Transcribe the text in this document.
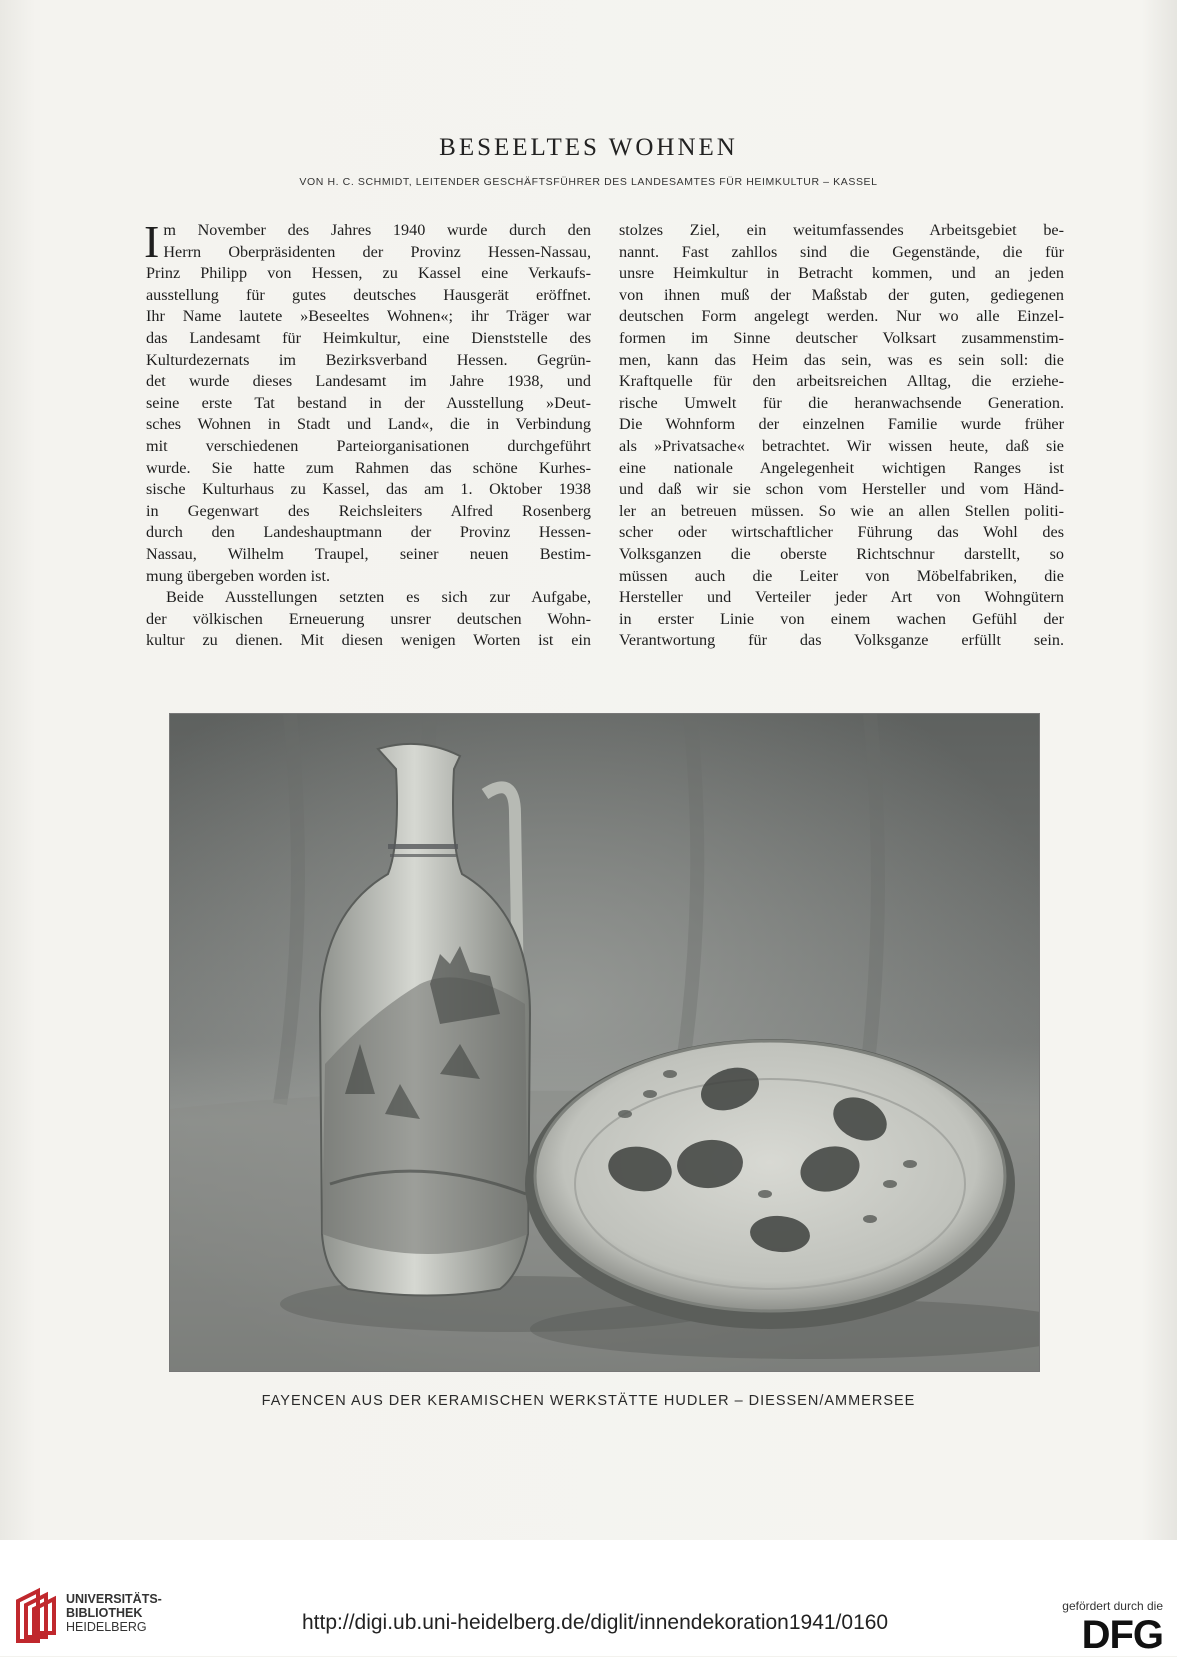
BESEELTES WOHNEN
VON H. C. SCHMIDT, LEITENDER GESCHÄFTSFÜHRER DES LANDESAMTES FÜR HEIMKULTUR – KASSEL
I m November des Jahres 1940 wurde durch den
Herrn Oberpräsidenten der Provinz Hessen-Nassau,
Prinz Philipp von Hessen, zu Kassel eine Verkaufs-
ausstellung für gutes deutsches Hausgerät eröffnet.
Ihr Name lautete »Beseeltes Wohnen«; ihr Träger war
das Landesamt für Heimkultur, eine Dienststelle des
Kulturdezernats im Bezirksverband Hessen. Gegrün-
det wurde dieses Landesamt im Jahre 1938, und
seine erste Tat bestand in der Ausstellung »Deut-
sches Wohnen in Stadt und Land«, die in Verbindung
mit verschiedenen Parteiorganisationen durchgeführt
wurde. Sie hatte zum Rahmen das schöne Kurhes-
sische Kulturhaus zu Kassel, das am 1. Oktober 1938
in Gegenwart des Reichsleiters Alfred Rosenberg
durch den Landeshauptmann der Provinz Hessen-
Nassau, Wilhelm Traupel, seiner neuen Bestim-
mung übergeben worden ist.
Beide Ausstellungen setzten es sich zur Aufgabe,
der völkischen Erneuerung unsrer deutschen Wohn-
kultur zu dienen. Mit diesen wenigen Worten ist ein
stolzes Ziel, ein weitumfassendes Arbeitsgebiet be-
nannt. Fast zahllos sind die Gegenstände, die für
unsre Heimkultur in Betracht kommen, und an jeden
von ihnen muß der Maßstab der guten, gediegenen
deutschen Form angelegt werden. Nur wo alle Einzel-
formen im Sinne deutscher Volksart zusammenstim-
men, kann das Heim das sein, was es sein soll: die
Kraftquelle für den arbeitsreichen Alltag, die erziehe-
rische Umwelt für die heranwachsende Generation.
Die Wohnform der einzelnen Familie wurde früher
als »Privatsache« betrachtet. Wir wissen heute, daß sie
eine nationale Angelegenheit wichtigen Ranges ist
und daß wir sie schon vom Hersteller und vom Händ-
ler an betreuen müssen. So wie an allen Stellen politi-
scher oder wirtschaftlicher Führung das Wohl des
Volksganzen die oberste Richtschnur darstellt, so
müssen auch die Leiter von Möbelfabriken, die
Hersteller und Verteiler jeder Art von Wohngütern
in erster Linie von einem wachen Gefühl der
Verantwortung für das Volksganze erfüllt sein.
FAYENCEN AUS DER KERAMISCHEN WERKSTÄTTE HUDLER – DIESSEN/AMMERSEE
UNIVERSITÄTS-
BIBLIOTHEK
HEIDELBERG	http://digi.ub.uni-heidelberg.de/diglit/innendekoration1941/0160
gefördert durch die
DFG
